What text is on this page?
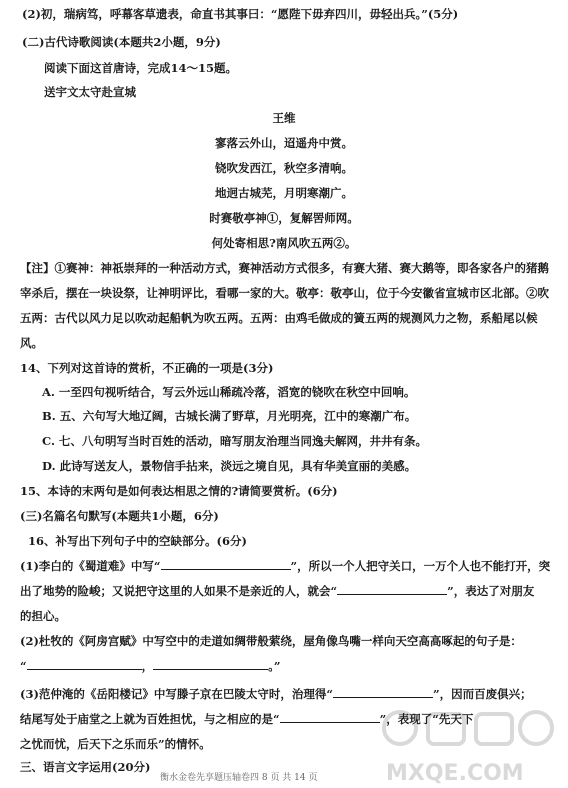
(2)初，瑞病笃，呼幕客草遗表，命直书其事曰：“愿陛下毋弃四川，毋轻出兵。”(5分)
(二)古代诗歌阅读(本题共2小题，9分)
阅读下面这首唐诗，完成14～15题。
送宇文太守赴宣城
王维
寥落云外山，迢遥舟中赏。
铙吹发西江，秋空多清响。
地迥古城芜，月明寒潮广。
时赛敬亭神①，复解罟师网。
何处寄相思?南风吹五两②。
【注】①赛神：神祇崇拜的一种活动方式，赛神活动方式很多，有赛大猪、赛大鹅等，即各家各户的猪鹅
宰杀后，摆在一块设祭，让神明评比，看哪一家的大。敬亭：敬亭山，位于今安徽省宣城市区北部。②吹
五两：古代以风力足以吹动起船帆为吹五两。五两：由鸡毛做成的簧五两的规测风力之物，系船尾以候
风。
14、下列对这首诗的赏析，不正确的一项是(3分)
A. 一至四句视听结合，写云外远山稀疏冷落，滔宽的铙吹在秋空中回响。
B. 五、六句写大地辽阔，古城长满了野草，月光明亮，江中的寒潮广布。
C. 七、八句明写当时百姓的活动，暗写朋友治理当同逸夫解网，井井有条。
D. 此诗写送友人，景物信手拈来，淡远之境自见，具有华美宣丽的美感。
15、本诗的末两句是如何表达相思之情的?请简要赏析。(6分)
(三)名篇名句默写(本题共1小题，6分)
16、补写出下列句子中的空缺部分。(6分)
(1)李白的《蜀道难》中写“	”，所以一个人把守关口，一万个人也不能打开，突
出了地势的险峻；又说把守这里的人如果不是亲近的人，就会“	”，表达了对朋友
的担心。
(2)杜牧的《阿房宫赋》中写空中的走道如绸带般萦绕，屋角像鸟嘴一样向天空高高啄起的句子是：
“	，	。”
(3)范仲淹的《岳阳楼记》中写滕子京在巴陵太守时，治理得“	”，因而百废俱兴；
结尾写处于庙堂之上就为百姓担忧，与之相应的是“	”，表现了“先天下
之忧而忧，后天下之乐而乐”的情怀。
三、语言文字运用(20分)
衡水金卷先享题压轴卷四 8 页 共 14 页	MXQE.COM
